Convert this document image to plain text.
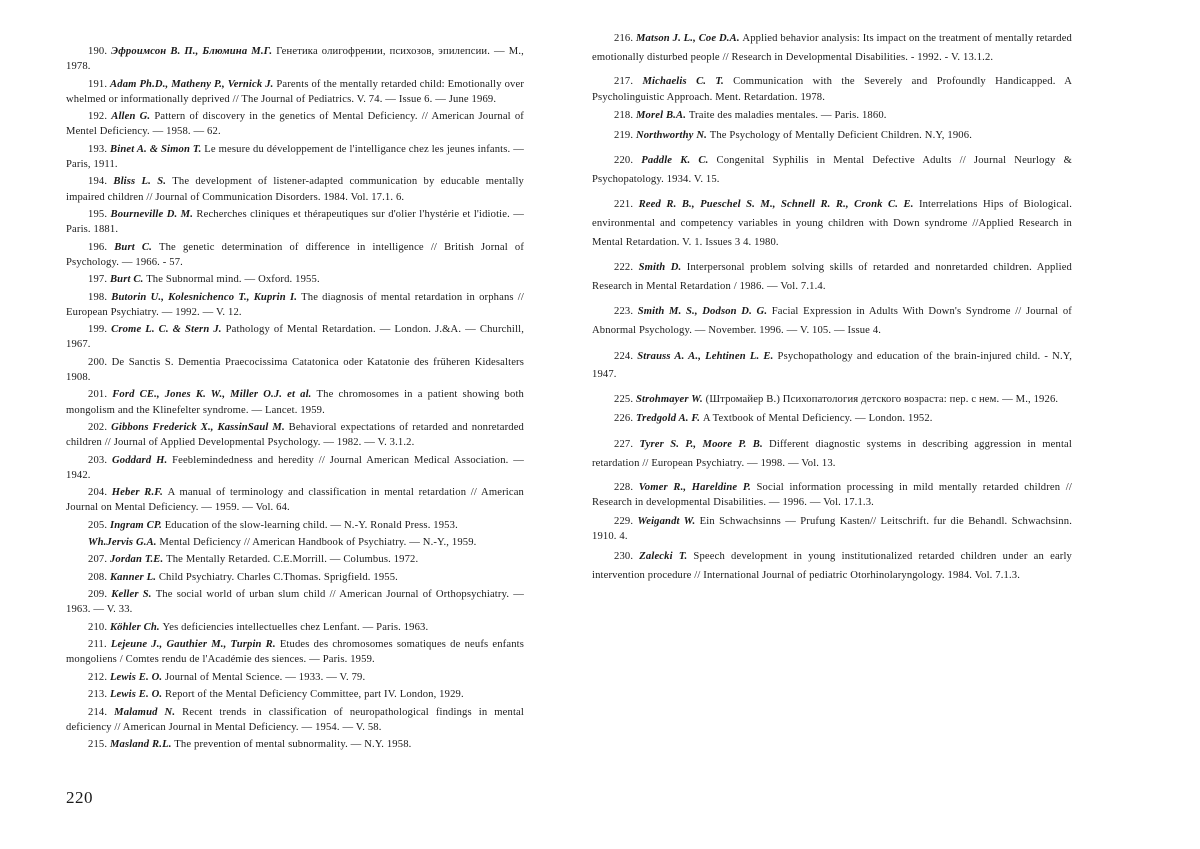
190. Эфроимсон В. П., Блюмина М.Г. Генетика олигофрении, психозов, эпилепсии. — М., 1978.
191. Adam Ph.D., Matheny P., Vernick J. Parents of the mentally retarded child: Emotionally over whelmed or informationally deprived // The Journal of Pediatrics. V. 74. — Issue 6. — June 1969.
192. Allen G. Pattern of discovery in the genetics of Mental Deficiency. // American Journal of Mentel Deficiency. — 1958. — 62.
193. Binet A. & Simon T. Le mesure du développement de l'intelligance chez les jeunes infants. — Paris, 1911.
194. Bliss L. S. The development of listener-adapted communication by educable mentally impaired children // Journal of Communication Disorders. 1984. Vol. 17.1. 6.
195. Bourneville D. M. Recherches cliniques et thérapeutiques sur d'olier l'hystérie et l'idiotie. — Paris. 1881.
196. Burt C. The genetic determination of difference in intelligence // British Jornal of Psychology. — 1966. - 57.
197. Burt C. The Subnormal mind. — Oxford. 1955.
198. Butorin U., Kolesnichenco T., Kuprin I. The diagnosis of mental retardation in orphans // European Psychiatry. — 1992. — V. 12.
199. Crome L. C. & Stern J. Pathology of Mental Retardation. — London. J.&A. — Churchill, 1967.
200. De Sanctis S. Dementia Praecocissima Catatonica oder Katatonie des früheren Kidesalters 1908.
201. Ford CE., Jones K. W., Miller O.J. et al. The chromosomes in a patient showing both mongolism and the Klinefelter syndrome. — Lancet. 1959.
202. Gibbons Frederick X., KassinSaul M. Behavioral expectations of retarded and nonretarded children // Journal of Applied Developmental Psychology. — 1982. — V. 3.1.2.
203. Goddard H. Feeblemindedness and heredity // Journal American Medical Association. — 1942.
204. Heber R.F. A manual of terminology and classification in mental retardation // American Journal on Mental Deficiency. — 1959. — Vol. 64.
205. Ingram CP. Education of the slow-learning child. — N.-Y. Ronald Press. 1953.
Wh.Jervis G.A. Mental Deficiency // American Handbook of Psychiatry. — N.-Y., 1959.
207. Jordan T.E. The Mentally Retarded. C.E.Morrill. — Columbus. 1972.
208. Kanner L. Child Psychiatry. Charles C.Thomas. Sprigfield. 1955.
209. Keller S. The social world of urban slum child // American Journal of Orthopsychiatry. — 1963. — V. 33.
210. Köhler Ch. Yes deficiencies intellectuelles chez Lenfant. — Paris. 1963.
211. Lejeune J., Gauthier M., Turpin R. Etudes des chromosomes somatiques de neufs enfants mongoliens / Comtes rendu de l'Académie des siences. — Paris. 1959.
212. Lewis E. O. Journal of Mental Science. — 1933. — V. 79.
213. Lewis E. O. Report of the Mental Deficiency Committee, part IV. London, 1929.
214. Malamud N. Recent trends in classification of neuropathological findings in mental deficiency // American Journal in Mental Deficiency. — 1954. — V. 58.
215. Masland R.L. The prevention of mental subnormality. — N.Y. 1958.
216. Matson J. L., Coe D.A. Applied behavior analysis: Its impact on the treatment of mentally retarded emotionally disturbed people // Research in Developmental Disabilities. - 1992. - V. 13.1.2.
217. Michaelis C. T. Communication with the Severely and Profoundly Handicapped. A Psycholinguistic Approach. Ment. Retardation. 1978.
218. Morel B.A. Traite des maladies mentales. — Paris. 1860.
219. Northworthy N. The Psychology of Mentally Deficient Children. N.Y, 1906.
220. Paddle K. C. Congenital Syphilis in Mental Defective Adults // Journal Neurlogy & Psychopatology. 1934. V. 15.
221. Reed R. B., Pueschel S. M., Schnell R. R., Cronk C. E. Interrelations Hips of Biological. environmental and competency variables in young children with Down syndrome //Applied Research in Mental Retardation. V. 1. Issues 3 4. 1980.
222. Smith D. Interpersonal problem solving skills of retarded and nonretarded children. Applied Research in Mental Retardation / 1986. — Vol. 7.1.4.
223. Smith M. S., Dodson D. G. Facial Expression in Adults With Down's Syndrome // Journal of Abnormal Psychology. — November. 1996. — V. 105. — Issue 4.
224. Strauss A. A., Lehtinen L. E. Psychopathology and education of the brain-injured child. - N.Y, 1947.
225. Strohmayer W. (Штромайер В.) Психопатология детского возраста: пер. с нем. — М., 1926.
226. Tredgold A. F. A Textbook of Mental Deficiency. — London. 1952.
227. Tyrer S. P., Moore P. B. Different diagnostic systems in describing aggression in mental retardation // European Psychiatry. — 1998. — Vol. 13.
228. Vomer R., Hareldine P. Social information processing in mild mentally retarded children // Research in developmental Disabilities. — 1996. — Vol. 17.1.3.
229. Weigandt W. Ein Schwachsinns — Prufung Kasten// Leitschrift. fur die Behandl. Schwachsinn. 1910. 4.
230. Zalecki T. Speech development in young institutionalized retarded children under an early intervention procedure // International Journal of pediatric Otorhinolaryngology. 1984. Vol. 7.1.3.
220
